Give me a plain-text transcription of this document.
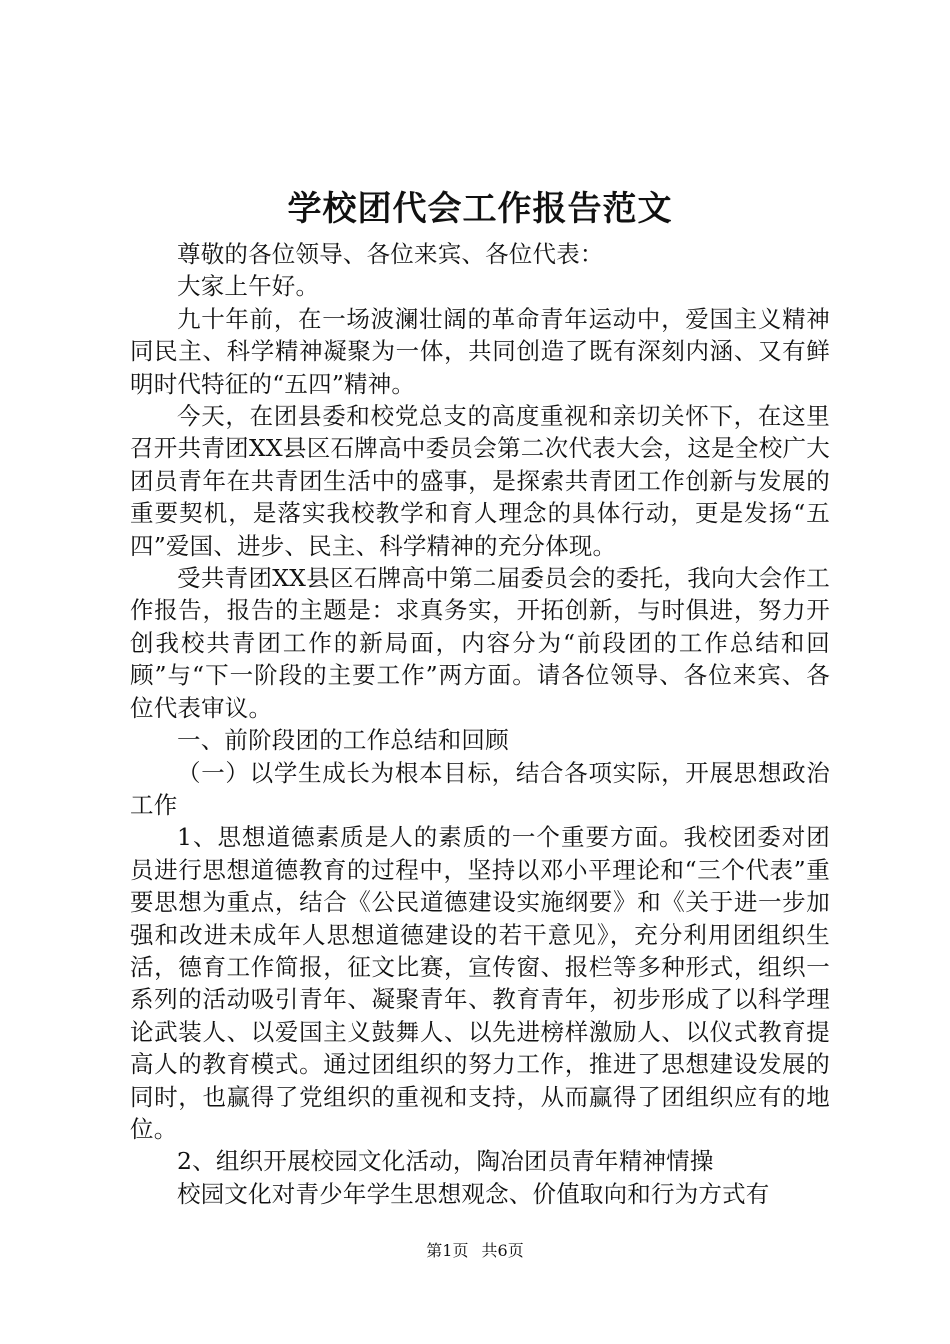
学校团代会工作报告范文

尊敬的各位领导、各位来宾、各位代表：

大家上午好。

九十年前，在一场波澜壮阔的革命青年运动中，爱国主义精神同民主、科学精神凝聚为一体，共同创造了既有深刻内涵、又有鲜明时代特征的“五四”精神。

今天，在团县委和校党总支的高度重视和亲切关怀下，在这里召开共青团XX县区石牌高中委员会第二次代表大会，这是全校广大团员青年在共青团生活中的盛事，是探索共青团工作创新与发展的重要契机，是落实我校教学和育人理念的具体行动，更是发扬“五四”爱国、进步、民主、科学精神的充分体现。

受共青团XX县区石牌高中第二届委员会的委托，我向大会作工作报告，报告的主题是：求真务实，开拓创新，与时俱进，努力开创我校共青团工作的新局面，内容分为“前段团的工作总结和回顾”与“下一阶段的主要工作”两方面。请各位领导、各位来宾、各位代表审议。

一、前阶段团的工作总结和回顾

（一）以学生成长为根本目标，结合各项实际，开展思想政治工作

1、思想道德素质是人的素质的一个重要方面。我校团委对团员进行思想道德教育的过程中，坚持以邓小平理论和“三个代表”重要思想为重点，结合《公民道德建设实施纲要》和《关于进一步加强和改进未成年人思想道德建设的若干意见》，充分利用团组织生活，德育工作简报，征文比赛，宣传窗、报栏等多种形式，组织一系列的活动吸引青年、凝聚青年、教育青年，初步形成了以科学理论武装人、以爱国主义鼓舞人、以先进榜样激励人、以仪式教育提高人的教育模式。通过团组织的努力工作，推进了思想建设发展的同时，也赢得了党组织的重视和支持，从而赢得了团组织应有的地位。

2、组织开展校园文化活动，陶冶团员青年精神情操

校园文化对青少年学生思想观念、价值取向和行为方式有

第1页 共6页
